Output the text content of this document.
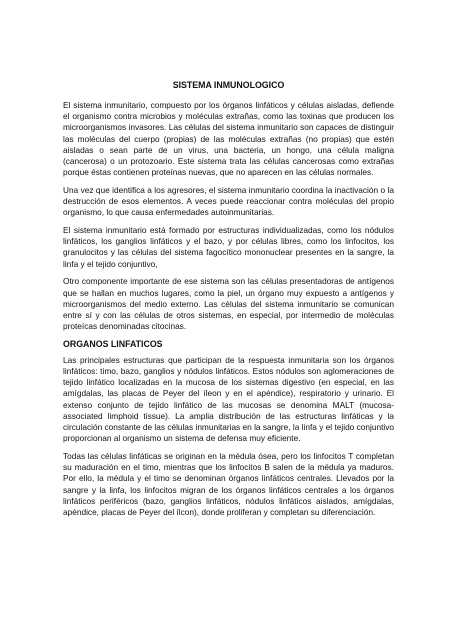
SISTEMA INMUNOLOGICO

El sistema inmunitario, compuesto por los órganos linfáticos y células aisladas, defiende el organismo contra microbios y moléculas extrañas, como las toxinas que producen los microorganismos invasores. Las células del sistema inmunitario son capaces de distinguir las moléculas del cuerpo (propias) de las moléculas extrañas (no propias) que estén aisladas o sean parte de un virus, una bacteria, un hongo, una célula maligna (cancerosa) o un protozoario. Este sistema trata las células cancerosas como extrañas porque éstas contienen proteínas nuevas, que no aparecen en las células normales.

Una vez que identifica a los agresores, el sistema inmunitario coordina la inactivación o la destrucción de esos elementos. A veces puede reaccionar contra moléculas del propio organismo, lo que causa enfermedades autoinmunitarias.

El sistema inmunitario está formado por estructuras individualizadas, como los nódulos linfáticos, los ganglios linfáticos y el bazo, y por células libres, como los linfocitos, los granulocitos y las células del sistema fagocítico mononuclear presentes en la sangre, la linfa y el tejido conjuntivo,

Otro componente importante de ese sistema son las células presentadoras de antígenos que se hallan en muchos lugares, como la piel, un órgano muy expuesto a antígenos y microorganismos del medio externo. Las células del sistema inmunitario se comunican entre sí y con las células de otros sistemas, en especial, por intermedio de moléculas proteícas denominadas citocinas.

ORGANOS LINFATICOS

Las principales estructuras que participan de la respuesta inmunitaria son los órganos linfáticos: timo, bazo, ganglios y nódulos linfáticos. Estos nódulos son aglomeraciones de tejido linfático localizadas en la mucosa de los sistemas digestivo (en especial, en las amígdalas, las placas de Peyer del íleon y en el apéndice), respiratorio y urinario. El extenso conjunto de tejido linfático de las mucosas se denomina MALT (mucosa-associated limphoid tissue). La amplia distribución de las estructuras linfáticas y la circulación constante de las células inmunitarias en la sangre, la linfa y el tejido conjuntivo proporcionan al organismo un sistema de defensa muy eficiente.

Todas las células linfáticas se originan en la médula ósea, pero los linfocitos T completan su maduración en el timo, mientras que los linfocitos B salen de la médula ya maduros. Por ello, la médula y el timo se denominan órganos linfáticos centrales. Llevados por la sangre y la linfa, los linfocitos migran de los órganos linfáticos centrales a los órganos linfáticos periféricos (bazo, ganglios linfáticos, nódulos linfáticos aislados, amígdalas, apéndice, placas de Peyer del ílcon), donde proliferan y completan su diferenciación.
